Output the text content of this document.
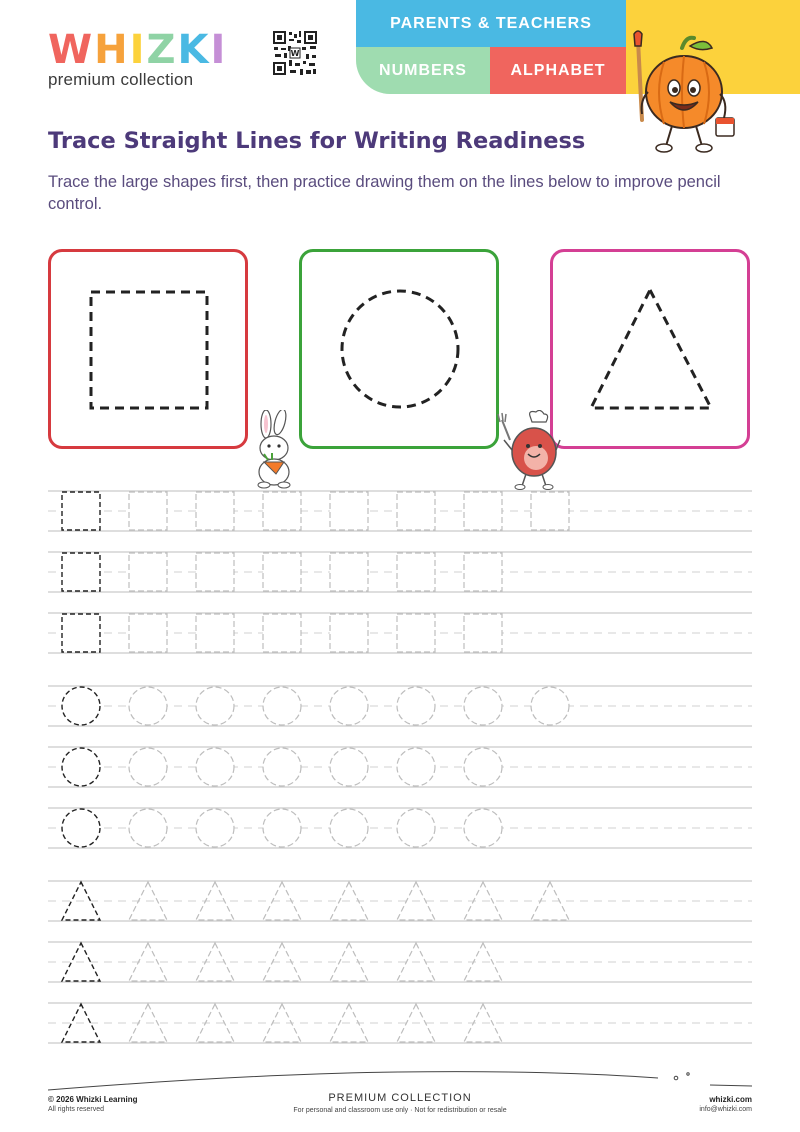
WHIZKI
premium collection
W
PARENTS & TEACHERS
NUMBERS	ALPHABET
Trace Straight Lines for Writing Readiness

Trace the large shapes first, then practice drawing them on the lines below to improve pencil control.

© 2026 Whizki Learning
All rights reserved
PREMIUM COLLECTION
For personal and classroom use only · Not for redistribution or resale
whizki.com
info@whizki.com
